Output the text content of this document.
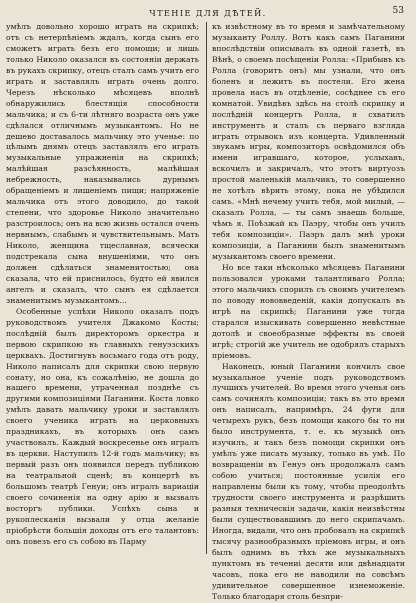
ЧТЕНІЕ ДЛЯ ДѢТЕЙ.	53

умѣлъ довольно хорошо играть на скрипкѣ; отъ съ нетерпѣніемъ ждалъ, когда сынъ его сможетъ играть безъ его помощи; и лишь только Николо оказался въ состояніи держать въ рукахъ скрипку, отецъ сталъ самъ учить его играть и заставлялъ играть очень долго. Черезъ нѣсколько мѣсяцевъ вполнѣ обнаружились блестящія способности мальчика; и съ 6-ти лѣтняго возраста онъ уже сдѣлался отличнымъ музыкантомъ. Но не дешево доставалось мальчику это ученье: по цѣлымъ днямъ отецъ заставлялъ его играть музыкальные упражненія на скрипкѣ; малѣйшая разсѣянность, малѣйшая небрежность, наказывались дурнымъ обращеніемъ и лишеніемъ пищи; напряженіе мальчика отъ этого доводило, до такой степени, что здоровье Николо значительно разстроилось; онъ на всю жизнь остался очень нервнымъ, слабымъ и чувствительнымъ. Мать Николо, женщина тщеславная, всячески подстрекала сына внушеніями, что онъ должен сдѣлаться знаменитостью; она сказала, что ей приснилось, будто ей явился ангелъ и сказалъ, что сынъ ея сдѣлается знаменитымъ музыкантомъ...

Особенные успѣхи Николо оказалъ подъ руководствомъ учителя Джакомо Косты; послѣдній былъ директоромъ оркестра и первою скрипкою въ главныхъ генуэзскихъ церквахъ. Достигнувъ восьмаго года отъ роду, Николо написалъ для скрипки свою первую сонату, но она, къ сожалѣнію, не дошла до нашего времени, утраченная позднѣе съ другими композиціями Паганини. Коста ловко умѣлъ давать мальчику уроки и заставлялъ своего ученика играть на церковныхъ праздникахъ, въ которыхъ онъ самъ участвовалъ. Каждый воскресенье онъ игралъ въ церкви. Наступилъ 12-й годъ мальчику; въ первый разъ онъ появился передъ публикою на театральной сценѣ; въ концертѣ въ большомъ театрѣ Генуи; онъ игралъ вариаціи своего сочиненія на одну арію и вызвалъ восторгъ публики. Успѣхъ сына и рукоплесканія вызвали у отца желаніе пріобрѣсти большія доходы отъ его талантовъ: онъ повезъ его съ собою въ Парму

къ извѣстному въ то время и замѣчательному музыканту Роллу. Вотъ какъ самъ Паганини впослѣдствіи описывалъ въ одной газетѣ, въ Вѣнѣ, о своемъ посѣщеніи Ролла: «Прибывъ къ Ролла (говоритъ онъ) мы узнали, что онъ боленъ и лежитъ въ постели. Его жена провела насъ въ отдѣленіе, сосѣднее съ его комнатой. Увидѣвъ здѣсь на столѣ скрипку и послѣдній концертъ Ролла, я схватилъ инструментъ и сталъ съ перваго взгляда играть отрывокъ изъ концерта. Удивленный звукамъ игры, композиторъ освѣдомился объ имени игравшаго, которое, услыхавъ, вскочилъ и закричалъ, что этотъ виртуозъ простой маленькій мальчикъ, то совершенно не хотѣлъ вѣрить этому, пока не убѣдился самъ. «Мнѣ нечему учить тебя, мой милый, — сказалъ Ролла, — ты самъ знаешь больше, чѣмъ я. Поѣзжай къ Паэру, чтобы онъ училъ тебя композиціи». Паэръ далъ мнѣ уроки композиціи, а Паганини былъ знаменитымъ музыкантомъ своего времени.

Но все таки нѣсколько мѣсяцевъ Паганини пользовался уроками талантливаго Ролла; этого мальчикъ спорилъ съ своимъ учителемъ по поводу нововведеній, какія допускалъ въ игрѣ на скрипкѣ; Паганини уже тогда старался изыскивать совершенно невѣстные дотолѣ и своеобразные эффекты въ своей игрѣ; строгій же учитель не одобрялъ старыхъ пріемовъ.

Наконецъ, юный Паганини кончилъ свое музыкальное ученіе подъ руководствомъ лучшихъ учителей. Во время этого ученья онъ самъ сочинялъ композиціи; такъ въ это время онъ написалъ, напримѣръ, 24 фуги для четырехъ рукъ, безъ помощи какого бы то ни было инструмента, т. е. къ музыкѣ онъ изучилъ, и такъ безъ помощи скрипки онъ умѣлъ уже писать музыку, только въ умѣ. По возвращеніи въ Генуэ онъ продолжалъ самъ собою учиться; постоянные усилія его направлены были къ тому, чтобы преодолѣть трудности своего инструмента и разрѣшить разныя техническія задачи, какія неизвѣстны были существовавшимъ до него скрипачамъ. Иногда, видали, что онъ пробовалъ на скрипкѣ тысячу разнообразныхъ пріемовъ игры, и онъ былъ однимъ въ тѣхъ же музыкальныхъ пунктомъ въ течениі десяти или двѣнадцати часовъ, пока его не наводили на совсѣмъ удивительное совершенное изнеможеніе. Только благодаря столь безпри-
